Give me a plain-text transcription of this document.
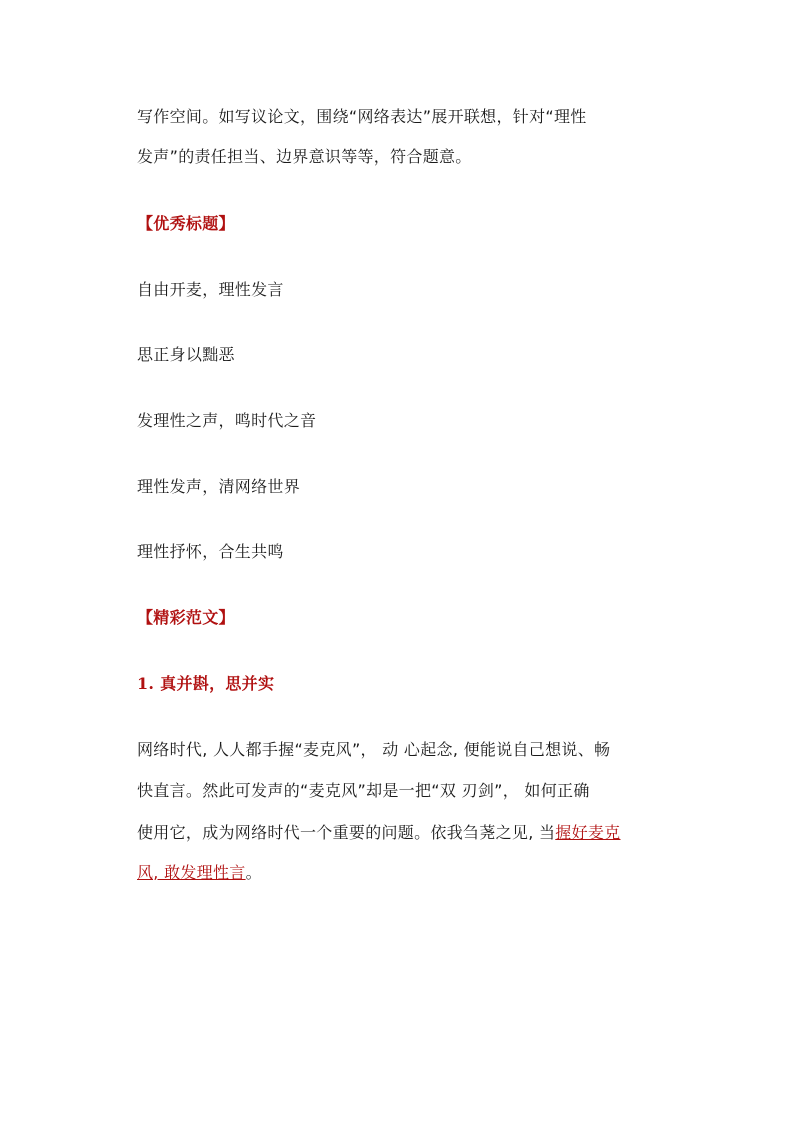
写作空间。如写议论文，围绕“网络表达”展开联想，针对“理性
发声”的责任担当、边界意识等等，符合题意。
【优秀标题】
自由开麦，理性发言
思正身以黜恶
发理性之声，鸣时代之音
理性发声，清网络世界
理性抒怀，合生共鸣
【精彩范文】
1. 真并斟，思并实
网络时代, 人人都手握“麦克风”， 动 心起念, 便能说自己想说、畅
快直言。然此可发声的“麦克风”却是一把“双 刃剑”， 如何正确
使用它，成为网络时代一个重要的问题。依我刍荛之见, 当握好麦克
风, 敢发理性言。
